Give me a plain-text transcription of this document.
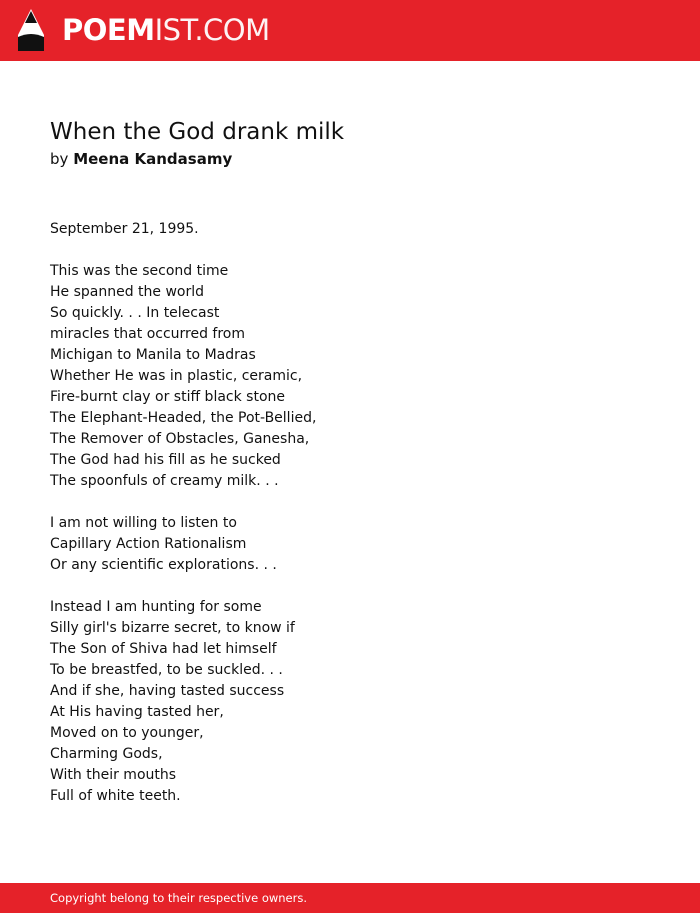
POEMIST.COM
When the God drank milk
by Meena Kandasamy
September 21, 1995.
This was the second time
He spanned the world
So quickly. . . In telecast
miracles that occurred from
Michigan to Manila to Madras
Whether He was in plastic, ceramic,
Fire-burnt clay or stiff black stone
The Elephant-Headed, the Pot-Bellied,
The Remover of Obstacles, Ganesha,
The God had his fill as he sucked
The spoonfuls of creamy milk. . .
I am not willing to listen to
Capillary Action Rationalism
Or any scientific explorations. . .
Instead I am hunting for some
Silly girl's bizarre secret, to know if
The Son of Shiva had let himself
To be breastfed, to be suckled. . .
And if she, having tasted success
At His having tasted her,
Moved on to younger,
Charming Gods,
With their mouths
Full of white teeth.
Copyright belong to their respective owners.
